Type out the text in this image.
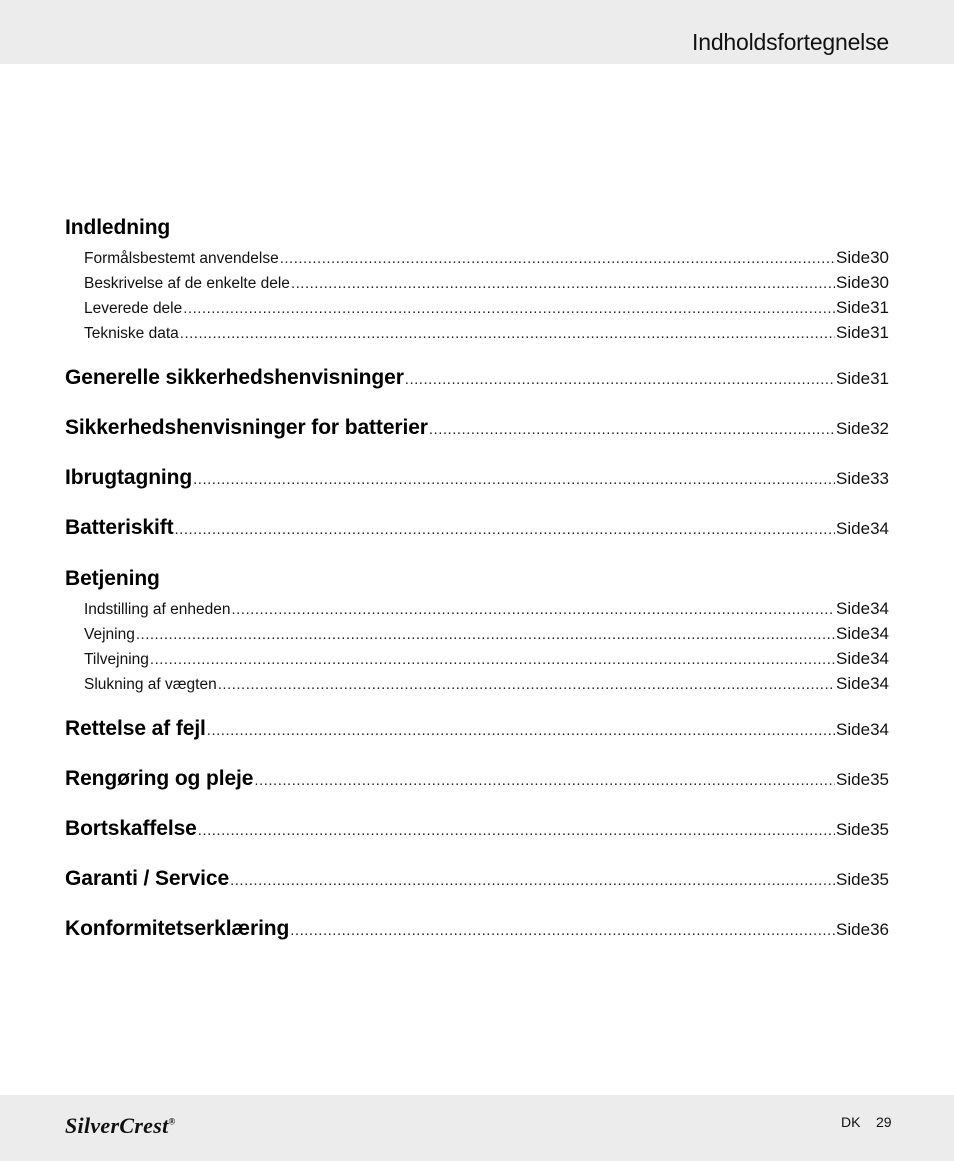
Indholdsfortegnelse
Indledning
Formålsbestemt anvendelse .....	Side 30
Beskrivelse af de enkelte dele .....	Side 30
Leverede dele .....	Side 31
Tekniske data .....	Side 31
Generelle sikkerhedshenvisninger .....	Side 31
Sikkerhedshenvisninger for batterier .....	Side 32
Ibrugtagning .....	Side 33
Batteriskift .....	Side 34
Betjening
Indstilling af enheden .....	Side 34
Vejning .....	Side 34
Tilvejning .....	Side 34
Slukning af vægten .....	Side 34
Rettelse af fejl .....	Side 34
Rengøring og pleje .....	Side 35
Bortskaffelse .....	Side 35
Garanti / Service .....	Side 35
Konformitetserklæring .....	Side 36
SilverCrest®	DK 29
